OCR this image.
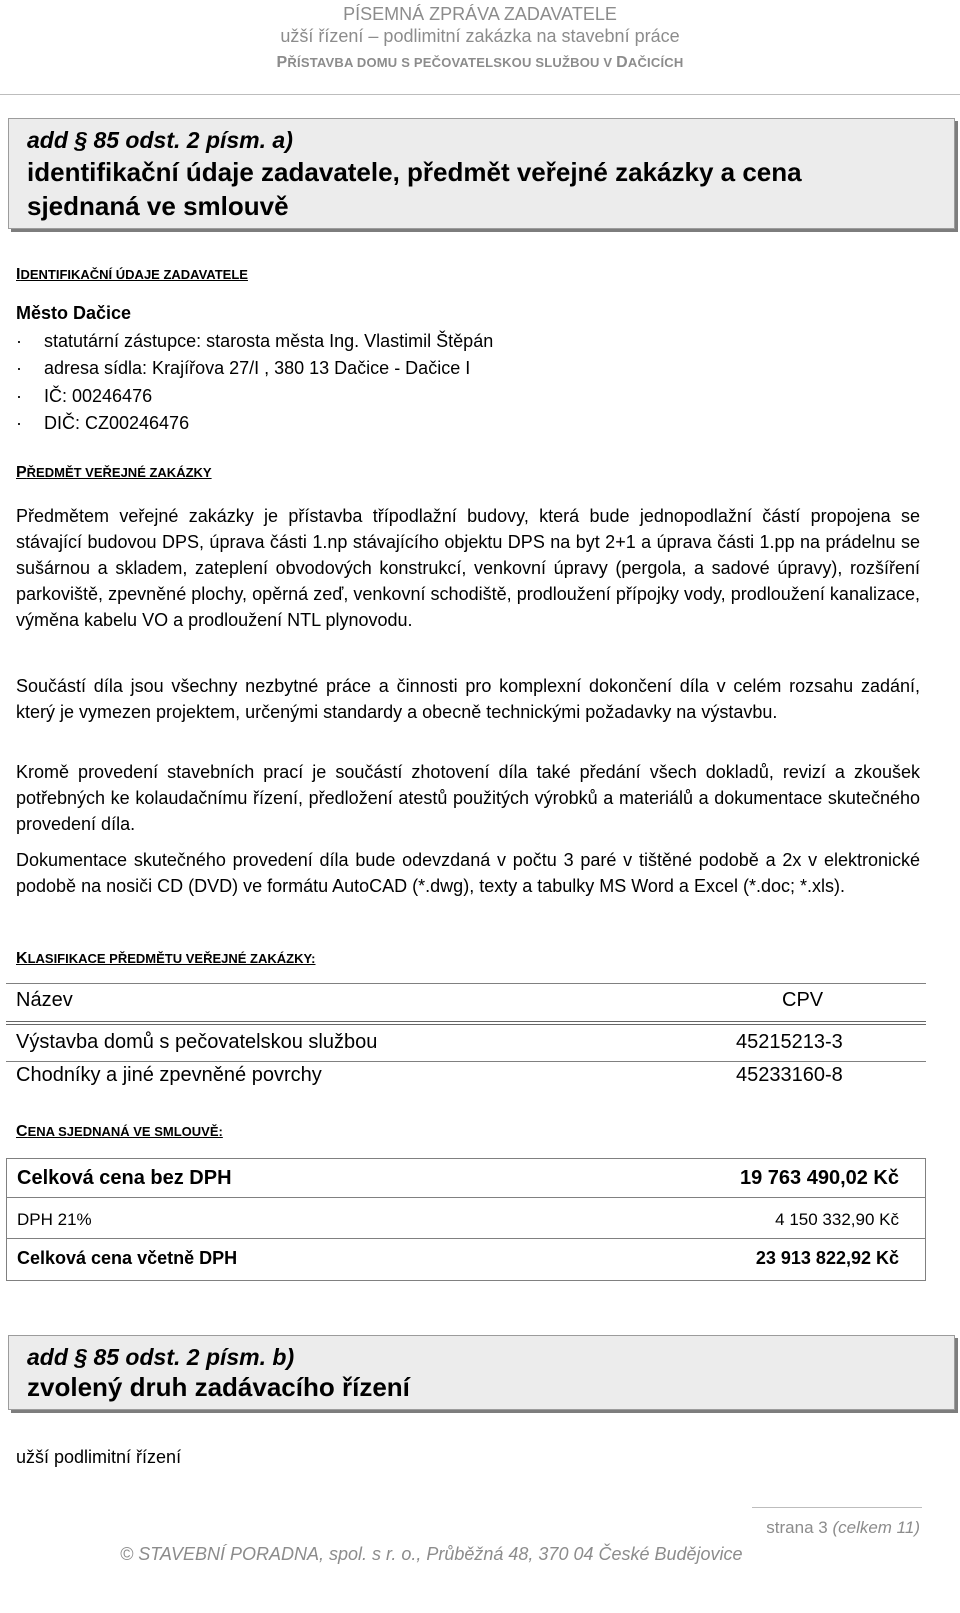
PÍSEMNÁ ZPRÁVA ZADAVATELE
užší řízení – podlimitní zakázka na stavební práce
PŘÍSTAVBA DOMU S PEČOVATELSKOU SLUŽBOU V DAČICÍCH
add § 85 odst. 2 písm. a)
identifikační údaje zadavatele, předmět veřejné zakázky a cena
sjednaná ve smlouvě
IDENTIFIKAČNÍ ÚDAJE ZADAVATELE
Město Dačice
· statutární zástupce: starosta města Ing. Vlastimil Štěpán
· adresa sídla: Krajířova 27/I , 380 13 Dačice - Dačice I
· IČ: 00246476
· DIČ: CZ00246476
PŘEDMĚT VEŘEJNÉ ZAKÁZKY
Předmětem veřejné zakázky je přístavba třípodlažní budovy, která bude jednopodlažní částí propojena se stávající budovou DPS, úprava části 1.np stávajícího objektu DPS na byt 2+1 a úprava části 1.pp na prádelnu se sušárnou a skladem, zateplení obvodových konstrukcí, venkovní úpravy (pergola, a sadové úpravy), rozšíření parkoviště, zpevněné plochy, opěrná zeď, venkovní schodiště, prodloužení přípojky vody, prodloužení kanalizace, výměna kabelu VO a prodloužení NTL plynovodu.
Součástí díla jsou všechny nezbytné práce a činnosti pro komplexní dokončení díla v celém rozsahu zadání, který je vymezen projektem, určenými standardy a obecně technickými požadavky na výstavbu.
Kromě provedení stavebních prací je součástí zhotovení díla také předání všech dokladů, revizí a zkoušek potřebných ke kolaudačnímu řízení, předložení atestů použitých výrobků a materiálů a dokumentace skutečného provedení díla.
Dokumentace skutečného provedení díla bude odevzdaná v počtu 3 paré v tištěné podobě a 2x v elektronické podobě na nosiči CD (DVD) ve formátu AutoCAD (*.dwg), texty a tabulky MS Word a Excel (*.doc; *.xls).
KLASIFIKACE PŘEDMĚTU VEŘEJNÉ ZAKÁZKY:
Název	CPV
Výstavba domů s pečovatelskou službou	45215213-3
Chodníky a jiné zpevněné povrchy	45233160-8
CENA SJEDNANÁ VE SMLOUVĚ:
Celková cena bez DPH	19 763 490,02 Kč
DPH 21%	4 150 332,90 Kč
Celková cena včetně DPH	23 913 822,92 Kč
add § 85 odst. 2 písm. b)
zvolený druh zadávacího řízení
užší podlimitní řízení
strana 3 (celkem 11)
© STAVEBNÍ PORADNA, spol. s r. o., Průběžná 48, 370 04 České Budějovice
